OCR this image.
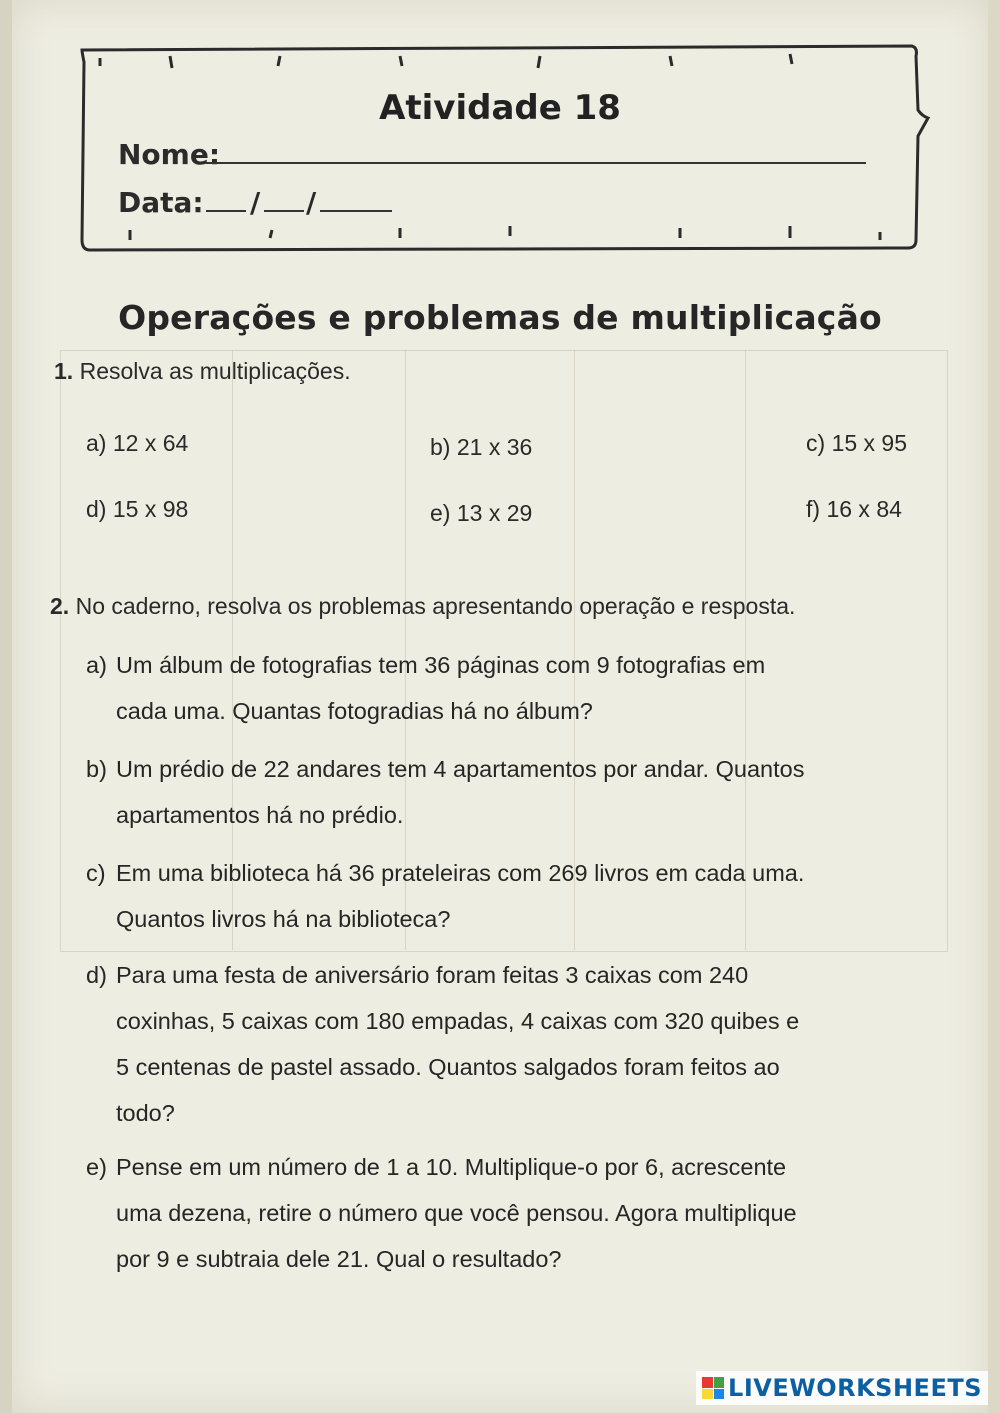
Atividade 18
Nome:
Data: / /
Operações e problemas de multiplicação
1. Resolva as multiplicações.
a) 12 x 64	b) 21 x 36	c) 15 x 95
d) 15 x 98	e) 13 x 29	f) 16 x 84
2. No caderno, resolva os problemas apresentando operação e resposta.
a) Um álbum de fotografias tem 36 páginas com 9 fotografias em
cada uma. Quantas fotogradias há no álbum?
b) Um prédio de 22 andares tem 4 apartamentos por andar. Quantos
apartamentos há no prédio.
c) Em uma biblioteca há 36 prateleiras com 269 livros em cada uma.
Quantos livros há na biblioteca?
d) Para uma festa de aniversário foram feitas 3 caixas com 240
coxinhas, 5 caixas com 180 empadas, 4 caixas com 320 quibes e
5 centenas de pastel assado. Quantos salgados foram feitos ao
todo?
e) Pense em um número de 1 a 10. Multiplique-o por 6, acrescente
uma dezena, retire o número que você pensou. Agora multiplique
por 9 e subtraia dele 21. Qual o resultado?
LIVEWORKSHEETS
